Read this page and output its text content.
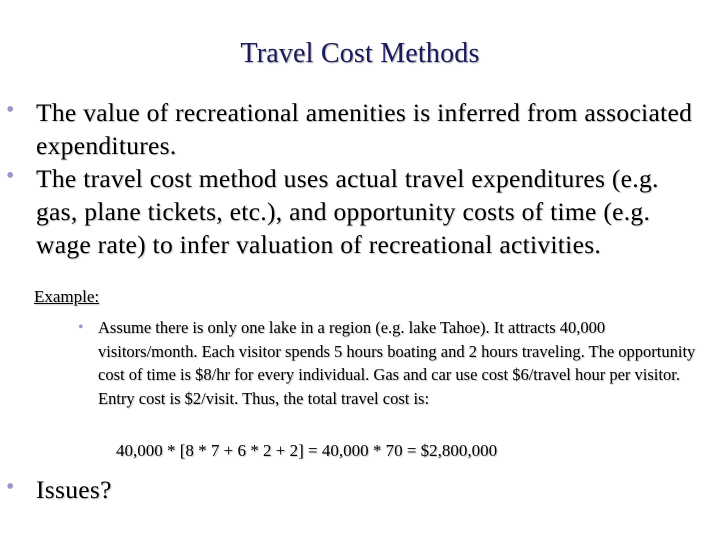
Travel Cost Methods
• The value of recreational amenities is inferred from associated expenditures.
• The travel cost method uses actual travel expenditures (e.g. gas, plane tickets, etc.), and opportunity costs of time (e.g. wage rate) to infer valuation of recreational activities.
Example:
• Assume there is only one lake in a region (e.g. lake Tahoe). It attracts 40,000 visitors/month. Each visitor spends 5 hours boating and 2 hours traveling. The opportunity cost of time is $8/hr for every individual. Gas and car use cost $6/travel hour per visitor. Entry cost is $2/visit. Thus, the total travel cost is:
40,000 * [8 * 7 + 6 * 2 + 2] = 40,000 * 70 = $2,800,000
• Issues?
